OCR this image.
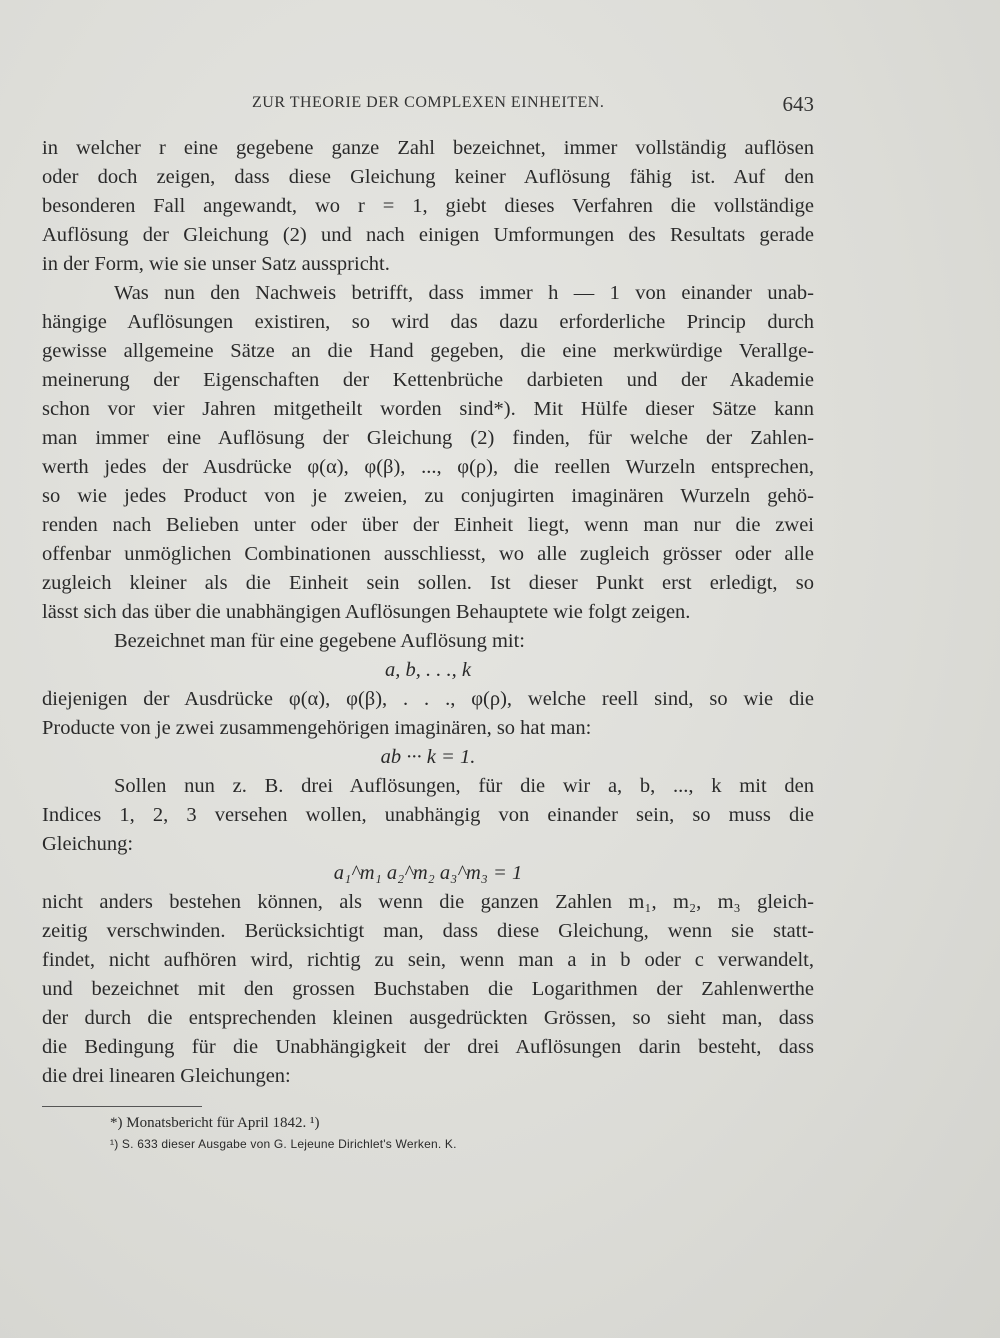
ZUR THEORIE DER COMPLEXEN EINHEITEN.	643
in welcher r eine gegebene ganze Zahl bezeichnet, immer vollständig auflösen
oder doch zeigen, dass diese Gleichung keiner Auflösung fähig ist. Auf den
besonderen Fall angewandt, wo r = 1, giebt dieses Verfahren die vollständige
Auflösung der Gleichung (2) und nach einigen Umformungen des Resultats gerade
in der Form, wie sie unser Satz ausspricht.
Was nun den Nachweis betrifft, dass immer h — 1 von einander unab-
hängige Auflösungen existiren, so wird das dazu erforderliche Princip durch
gewisse allgemeine Sätze an die Hand gegeben, die eine merkwürdige Verallge-
meinerung der Eigenschaften der Kettenbrüche darbieten und der Akademie
schon vor vier Jahren mitgetheilt worden sind*). Mit Hülfe dieser Sätze kann
man immer eine Auflösung der Gleichung (2) finden, für welche der Zahlen-
werth jedes der Ausdrücke φ(α), φ(β), ..., φ(ρ), die reellen Wurzeln entsprechen,
so wie jedes Product von je zweien, zu conjugirten imaginären Wurzeln gehö-
renden nach Belieben unter oder über der Einheit liegt, wenn man nur die zwei
offenbar unmöglichen Combinationen ausschliesst, wo alle zugleich grösser oder alle
zugleich kleiner als die Einheit sein sollen. Ist dieser Punkt erst erledigt, so
lässt sich das über die unabhängigen Auflösungen Behauptete wie folgt zeigen.
Bezeichnet man für eine gegebene Auflösung mit:
a, b, . . ., k
diejenigen der Ausdrücke φ(α), φ(β), . . ., φ(ρ), welche reell sind, so wie die
Producte von je zwei zusammengehörigen imaginären, so hat man:
ab ··· k = 1.
Sollen nun z. B. drei Auflösungen, für die wir a, b, ..., k mit den
Indices 1, 2, 3 versehen wollen, unabhängig von einander sein, so muss die
Gleichung:
a₁^m₁ a₂^m₂ a₃^m₃ = 1
nicht anders bestehen können, als wenn die ganzen Zahlen m₁, m₂, m₃ gleich-
zeitig verschwinden. Berücksichtigt man, dass diese Gleichung, wenn sie statt-
findet, nicht aufhören wird, richtig zu sein, wenn man a in b oder c verwandelt,
und bezeichnet mit den grossen Buchstaben die Logarithmen der Zahlenwerthe
der durch die entsprechenden kleinen ausgedrückten Grössen, so sieht man, dass
die Bedingung für die Unabhängigkeit der drei Auflösungen darin besteht, dass
die drei linearen Gleichungen:
*) Monatsbericht für April 1842. ¹)
¹) S. 633 dieser Ausgabe von G. Lejeune Dirichlet's Werken. K.
